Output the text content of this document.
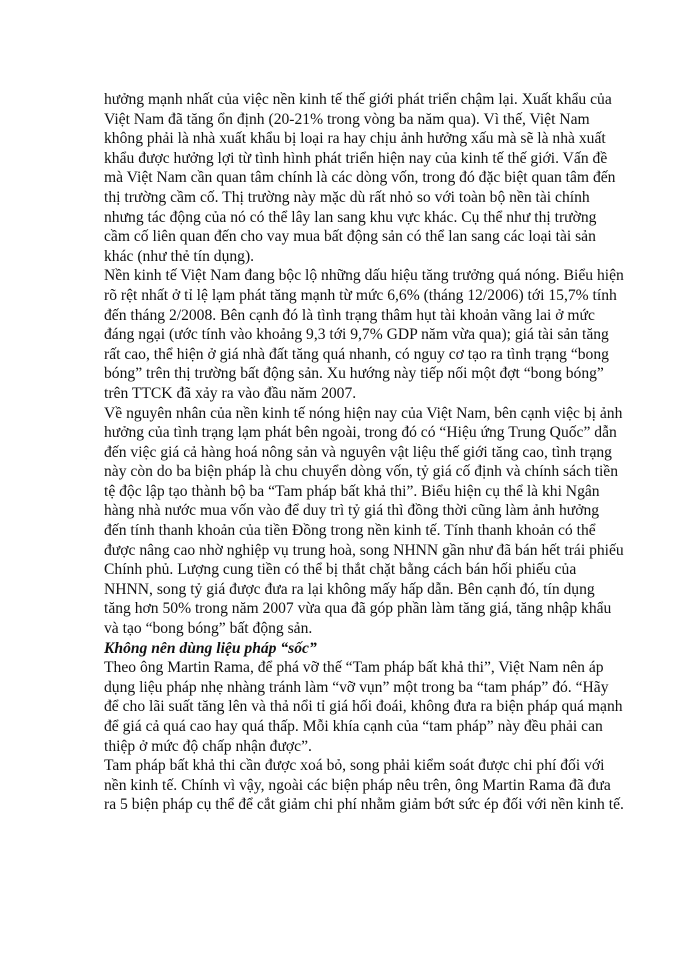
hưởng mạnh nhất của việc nền kinh tế thế giới phát triển chậm lại. Xuất khẩu của Việt Nam đã tăng ổn định (20-21% trong vòng ba năm qua). Vì thế, Việt Nam không phải là nhà xuất khẩu bị loại ra hay chịu ảnh hưởng xấu mà sẽ là nhà xuất khẩu được hưởng lợi từ tình hình phát triển hiện nay của kinh tế thế giới. Vấn đề mà Việt Nam cần quan tâm chính là các dòng vốn, trong đó đặc biệt quan tâm đến thị trường cầm cố. Thị trường này mặc dù rất nhỏ so với toàn bộ nền tài chính nhưng tác động của nó có thể lây lan sang khu vực khác. Cụ thể như thị trường cầm cố liên quan đến cho vay mua bất động sản có thể lan sang các loại tài sản khác (như thẻ tín dụng).

Nền kinh tế Việt Nam đang bộc lộ những dấu hiệu tăng trưởng quá nóng. Biểu hiện rõ rệt nhất ở tỉ lệ lạm phát tăng mạnh từ mức 6,6% (tháng 12/2006) tới 15,7% tính đến tháng 2/2008. Bên cạnh đó là tình trạng thâm hụt tài khoản vãng lai ở mức đáng ngại (ước tính vào khoảng 9,3 tới 9,7% GDP năm vừa qua); giá tài sản tăng rất cao, thể hiện ở giá nhà đất tăng quá nhanh, có nguy cơ tạo ra tình trạng “bong bóng” trên thị trường bất động sản. Xu hướng này tiếp nối một đợt “bong bóng” trên TTCK đã xảy ra vào đầu năm 2007.

Về nguyên nhân của nền kinh tế nóng hiện nay của Việt Nam, bên cạnh việc bị ảnh hưởng của tình trạng lạm phát bên ngoài, trong đó có “Hiệu ứng Trung Quốc” dẫn đến việc giá cả hàng hoá nông sản và nguyên vật liệu thế giới tăng cao, tình trạng này còn do ba biện pháp là chu chuyển dòng vốn, tỷ giá cố định và chính sách tiền tệ độc lập tạo thành bộ ba “Tam pháp bất khả thi”. Biểu hiện cụ thể là khi Ngân hàng nhà nước mua vốn vào để duy trì tỷ giá thì đồng thời cũng làm ảnh hưởng đến tính thanh khoản của tiền Đồng trong nền kinh tế. Tính thanh khoản có thể được nâng cao nhờ nghiệp vụ trung hoà, song NHNN gần như đã bán hết trái phiếu Chính phủ. Lượng cung tiền có thể bị thắt chặt bằng cách bán hối phiếu của NHNN, song tỷ giá được đưa ra lại không mấy hấp dẫn. Bên cạnh đó, tín dụng tăng hơn 50% trong năm 2007 vừa qua đã góp phần làm tăng giá, tăng nhập khẩu và tạo “bong bóng” bất động sản.

Không nên dùng liệu pháp “sốc”

Theo ông Martin Rama, để phá vỡ thế “Tam pháp bất khả thi”, Việt Nam nên áp dụng liệu pháp nhẹ nhàng tránh làm “vỡ vụn” một trong ba “tam pháp” đó. “Hãy để cho lãi suất tăng lên và thả nổi tỉ giá hối đoái, không đưa ra biện pháp quá mạnh để giá cả quá cao hay quá thấp. Mỗi khía cạnh của “tam pháp” này đều phải can thiệp ở mức độ chấp nhận được”.

Tam pháp bất khả thi cần được xoá bỏ, song phải kiểm soát được chi phí đối với nền kinh tế. Chính vì vậy, ngoài các biện pháp nêu trên, ông Martin Rama đã đưa ra 5 biện pháp cụ thể để cắt giảm chi phí nhằm giảm bớt sức ép đối với nền kinh tế.
